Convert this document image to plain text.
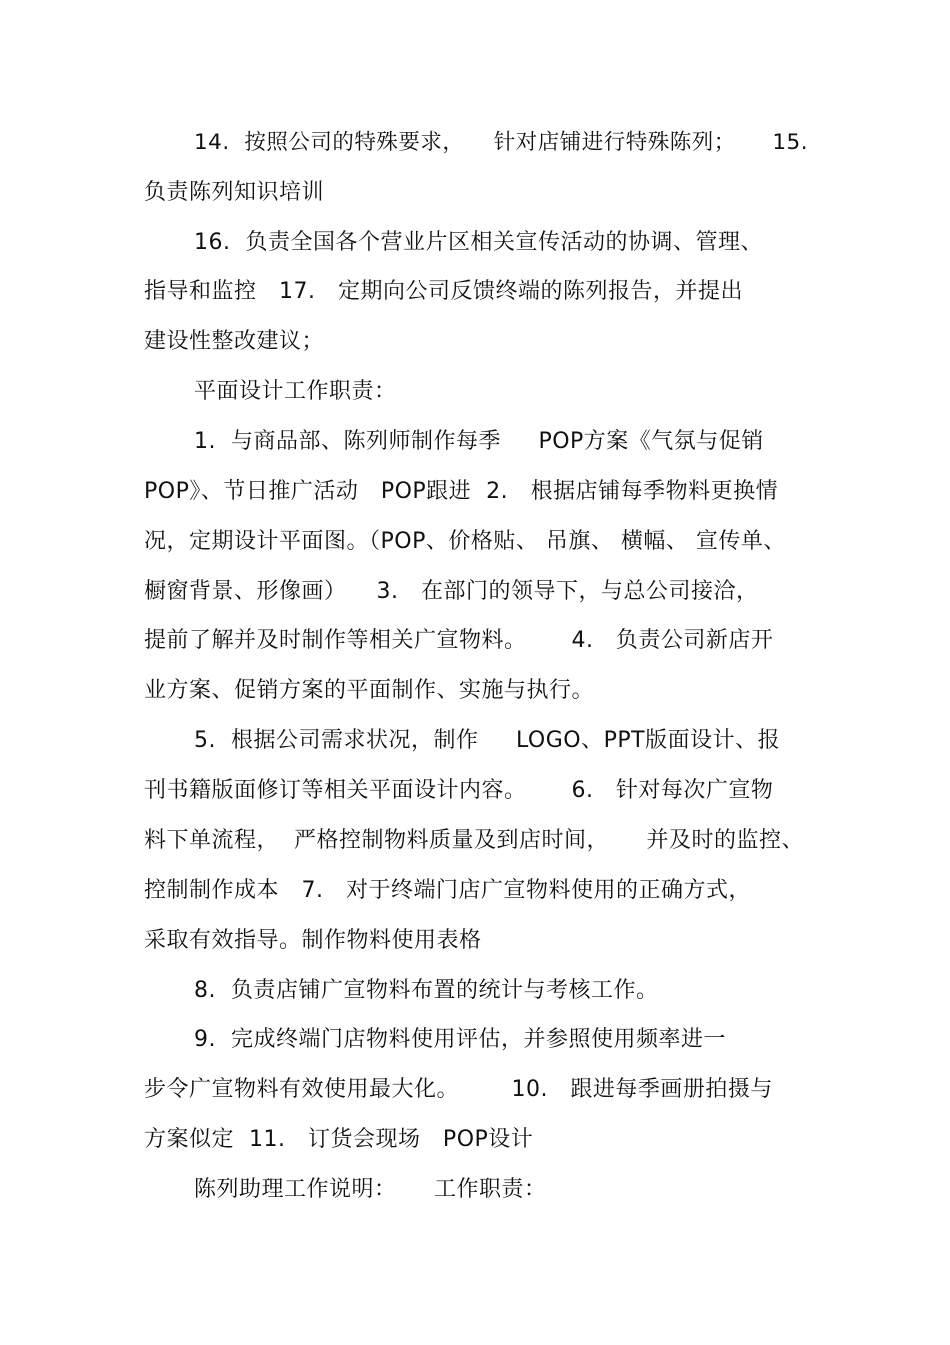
14.  按照公司的特殊要求，    针对店铺进行特殊陈列；     15.
负责陈列知识培训
16.  负责全国各个营业片区相关宣传活动的协调、管理、
指导和监控   17.   定期向公司反馈终端的陈列报告，并提出
建设性整改建议；
平面设计工作职责：
1.  与商品部、陈列师制作每季     POP方案《气氛与促销
POP》、节日推广活动   POP跟进  2.   根据店铺每季物料更换情
况，定期设计平面图。（POP、价格贴、 吊旗、 横幅、 宣传单、
橱窗背景、形像画）    3.   在部门的领导下，与总公司接洽，
提前了解并及时制作等相关广宣物料。      4.   负责公司新店开
业方案、促销方案的平面制作、实施与执行。
5.  根据公司需求状况，制作     LOGO、PPT版面设计、报
刊书籍版面修订等相关平面设计内容。      6.   针对每次广宣物
料下单流程，  严格控制物料质量及到店时间，     并及时的监控、
控制制作成本   7.   对于终端门店广宣物料使用的正确方式，
采取有效指导。制作物料使用表格
8.  负责店铺广宣物料布置的统计与考核工作。
9.  完成终端门店物料使用评估，并参照使用频率进一
步令广宣物料有效使用最大化。       10.   跟进每季画册拍摄与
方案似定  11.   订货会现场   POP设计
陈列助理工作说明：     工作职责：
